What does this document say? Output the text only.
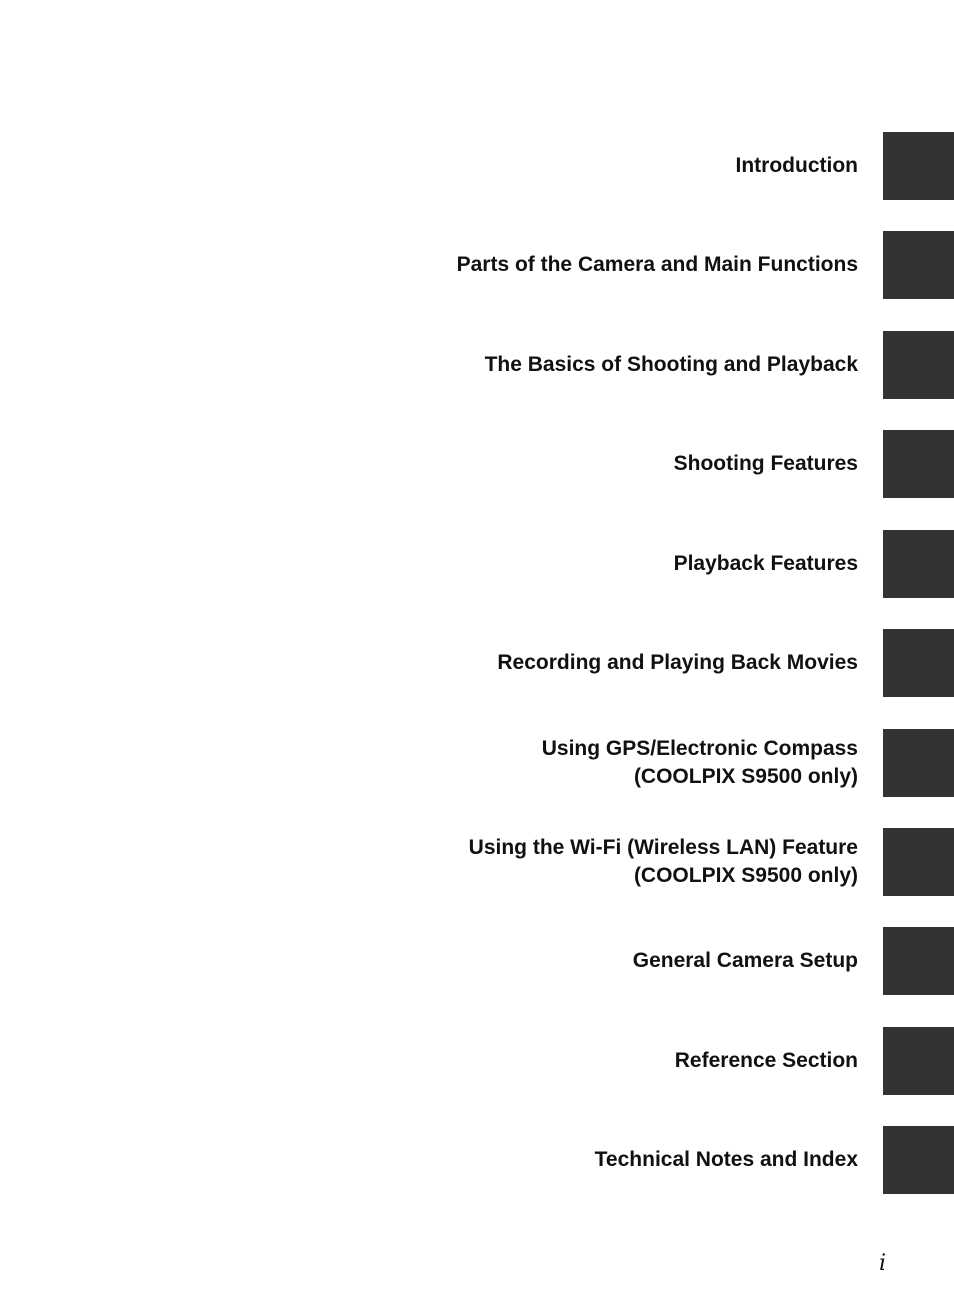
Introduction
Parts of the Camera and Main Functions
The Basics of Shooting and Playback
Shooting Features
Playback Features
Recording and Playing Back Movies
Using GPS/Electronic Compass
(COOLPIX S9500 only)
Using the Wi-Fi (Wireless LAN) Feature
(COOLPIX S9500 only)
General Camera Setup
Reference Section
Technical Notes and Index
i
